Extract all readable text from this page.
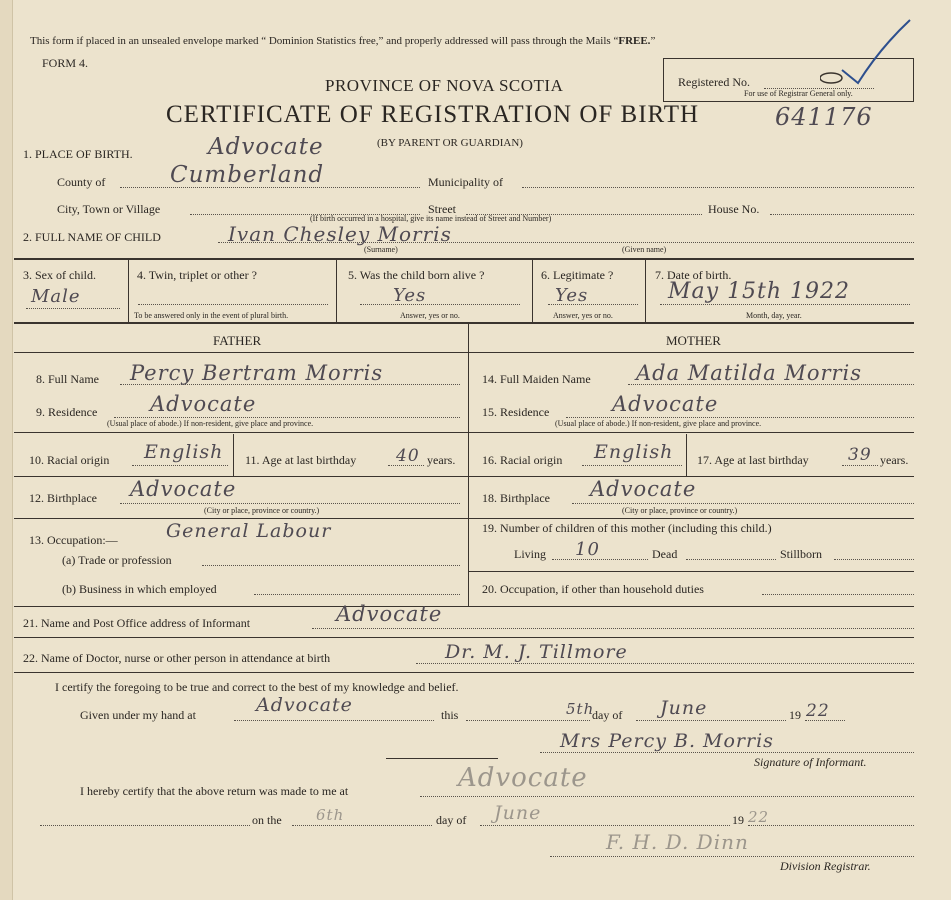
This form if placed in an unsealed envelope marked “ Dominion Statistics free,” and properly addressed will pass through the Mails “FREE.”
FORM 4.
PROVINCE OF NOVA SCOTIA
CERTIFICATE OF REGISTRATION OF BIRTH
(BY PARENT OR GUARDIAN)
641176
Registered No.
For use of Registrar General only.
1. PLACE OF BIRTH.	Advocate
County of	Cumberland	Municipality of
City, Town or Village	Street	House No.
(If birth occurred in a hospital, give its name instead of Street and Number)
2. FULL NAME OF CHILD	Ivan Chesley Morris
(Surname)	(Given name)
3. Sex of child.
Male
4. Twin, triplet or other ?
To be answered only in the event of plural birth.
5. Was the child born alive ?
Yes
Answer, yes or no.
6. Legitimate ?
Yes
Answer, yes or no.
7. Date of birth.
May 15th 1922
Month, day, year.
FATHER	MOTHER
8. Full Name Percy Bertram Morris
9. Residence	Advocate
(Usual place of abode.) If non-resident, give place and province.
10. Racial origin English 11. Age at last birthday 40 years.
12. Birthplace Advocate
(City or place, province or country.)
13. Occupation:—	General Labour
(a) Trade or profession
(b) Business in which employed
14. Full Maiden Name Ada Matilda Morris
15. Residence	Advocate
(Usual place of abode.) If non-resident, give place and province.
16. Racial origin English 17. Age at last birthday 39 years.
18. Birthplace Advocate
(City or place, province or country.)
19. Number of children of this mother (including this child.)
Living 10	Dead	Stillborn
20. Occupation, if other than household duties
21. Name and Post Office address of Informant	Advocate
22. Name of Doctor, nurse or other person in attendance at birth	Dr. M. J. Tillmore
I certify the foregoing to be true and correct to the best of my knowledge and belief.
Given under my hand at	Advocate	this	5th
day of June	19 22
Mrs Percy B. Morris
Signature of Informant.
I hereby certify that the above return was made to me at	Advocate
on the 6th	day of June	19 22
F. H. D. Dinn
Division Registrar.
